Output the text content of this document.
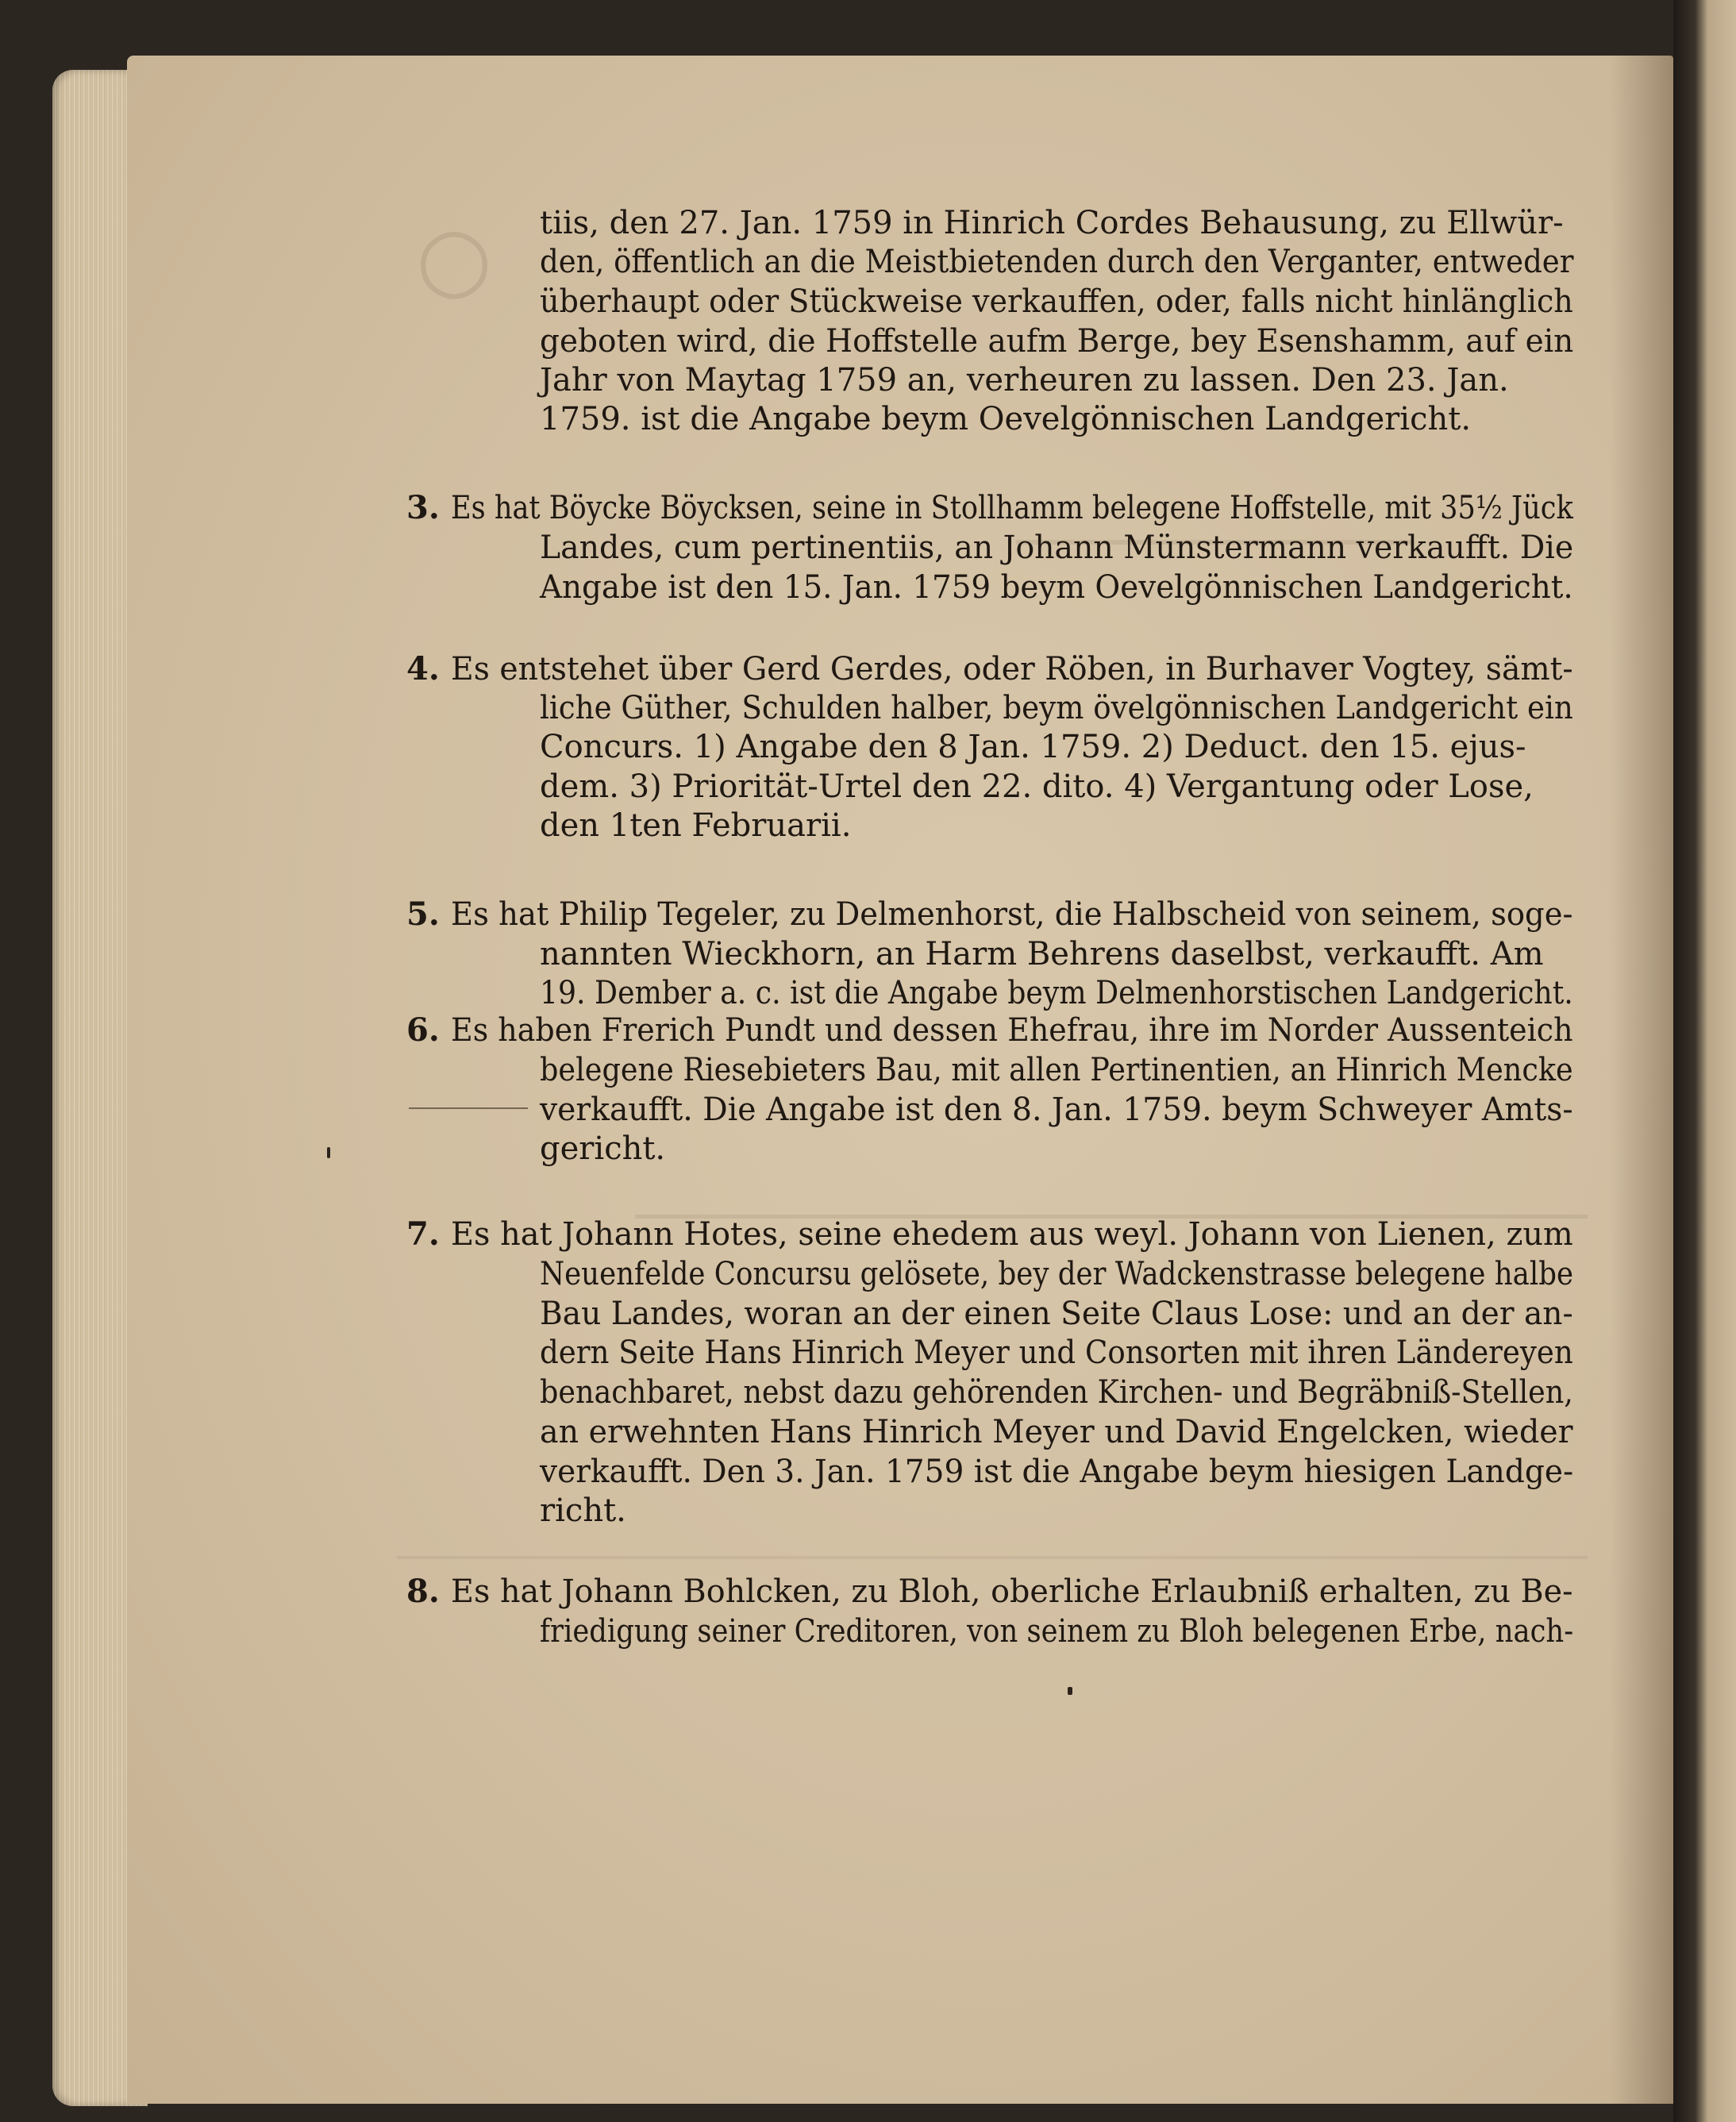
○ tiis, den 27. Jan. 1759 in Hinrich Cordes Behausung, zu Ellwür-
den, öffentlich an die Meistbietenden durch den Verganter, entweder
überhaupt oder Stückweise verkauffen, oder, falls nicht hinlänglich
geboten wird, die Hoffstelle aufm Berge, bey Esenshamm, auf ein
Jahr von Maytag 1759 an, verheuren zu lassen. Den 23. Jan.
1759. ist die Angabe beym Oevelgönnischen Landgericht.
3. Es hat Böycke Böycksen, seine in Stollhamm belegene Hoffstelle, mit 35½ Jück
Landes, cum pertinentiis, an Johann Münstermann verkaufft. Die
Angabe ist den 15. Jan. 1759 beym Oevelgönnischen Landgericht.
4. Es entstehet über Gerd Gerdes, oder Röben, in Burhaver Vogtey, sämt-
liche Güther, Schulden halber, beym övelgönnischen Landgericht ein
Concurs. 1) Angabe den 8 Jan. 1759. 2) Deduct. den 15. ejus-
dem. 3) Priorität-Urtel den 22. dito. 4) Vergantung oder Lose,
den 1ten Februarii.
5. Es hat Philip Tegeler, zu Delmenhorst, die Halbscheid von seinem, soge-
nannten Wieckhorn, an Harm Behrens daselbst, verkaufft. Am
19. Dember a. c. ist die Angabe beym Delmenhorstischen Landgericht.
6. Es haben Frerich Pundt und dessen Ehefrau, ihre im Norder Aussenteich
belegene Riesebieters Bau, mit allen Pertinentien, an Hinrich Mencke
verkaufft. Die Angabe ist den 8. Jan. 1759. beym Schweyer Amts-
gericht.
7. Es hat Johann Hotes, seine ehedem aus weyl. Johann von Lienen, zum
Neuenfelde Concursu gelösete, bey der Wadckenstrasse belegene halbe
Bau Landes, woran an der einen Seite Claus Lose: und an der an-
dern Seite Hans Hinrich Meyer und Consorten mit ihren Ländereyen
benachbaret, nebst dazu gehörenden Kirchen- und Begräbniß-Stellen,
an erwehnten Hans Hinrich Meyer und David Engelcken, wieder
verkaufft. Den 3. Jan. 1759 ist die Angabe beym hiesigen Landge-
richt.
8. Es hat Johann Bohlcken, zu Bloh, oberliche Erlaubniß erhalten, zu Be-
friedigung seiner Creditoren, von seinem zu Bloh belegenen Erbe, nach-
